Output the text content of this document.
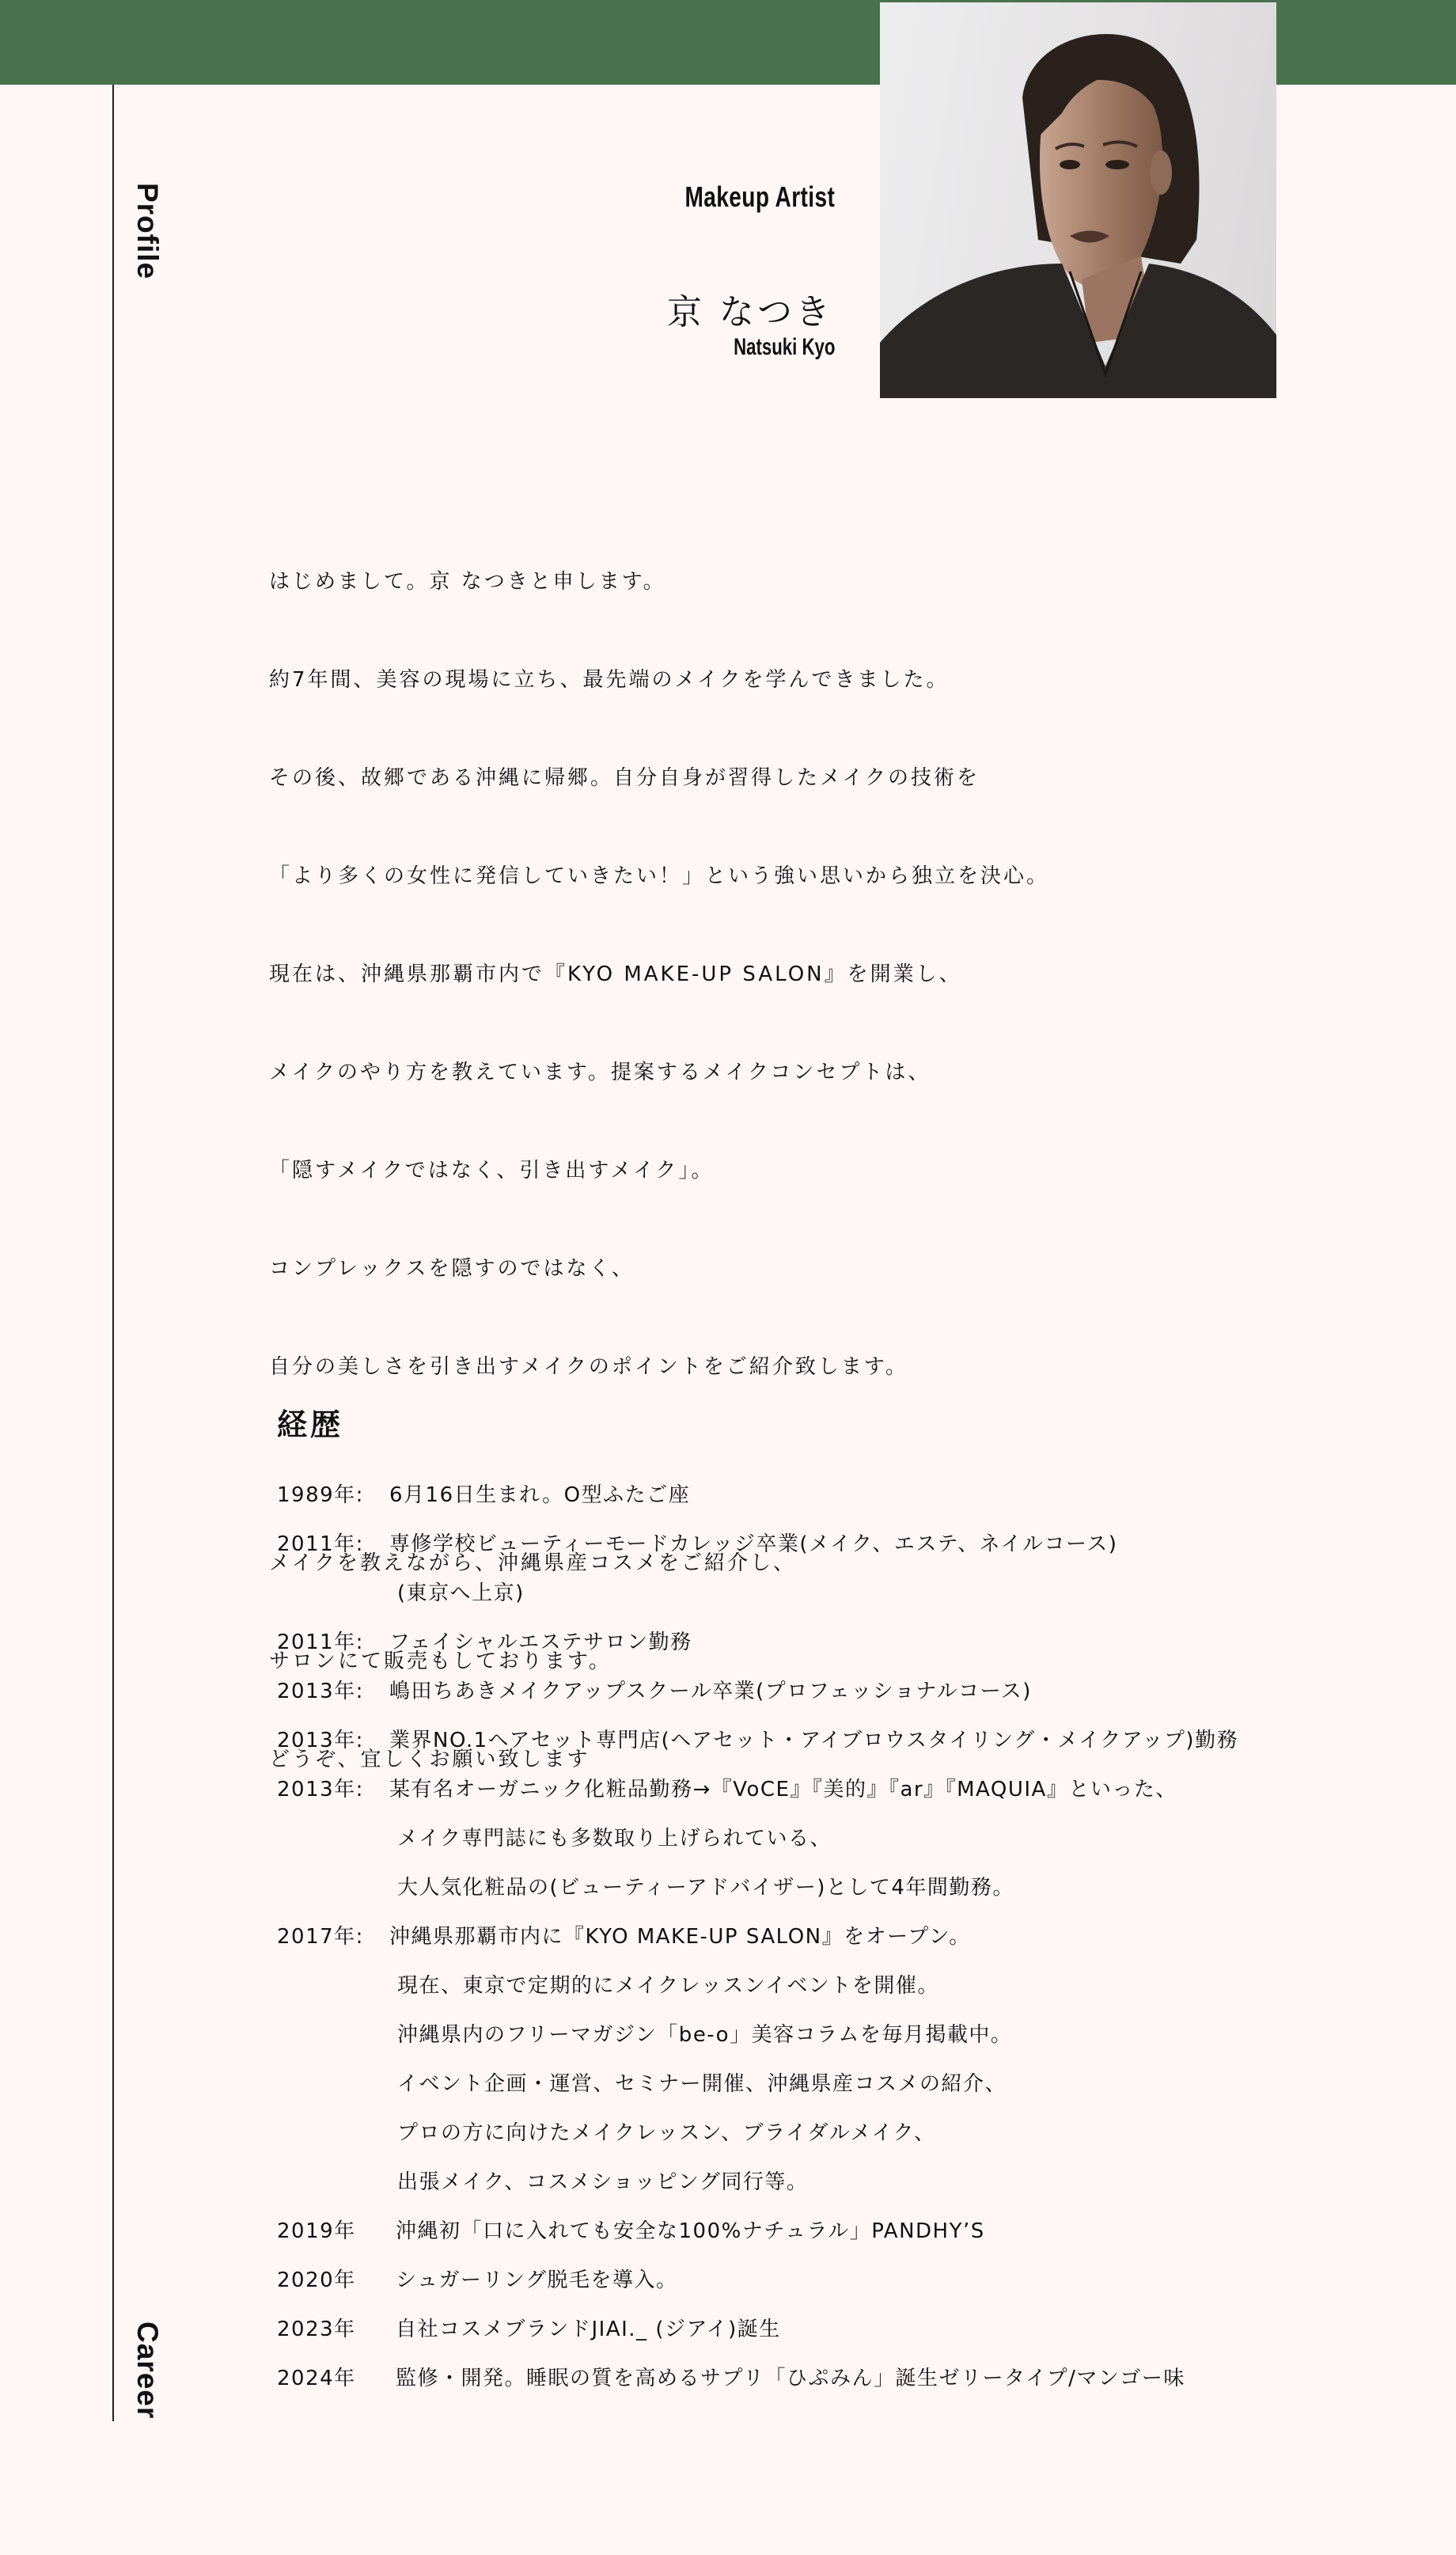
Profile
Career
Makeup Artist
京 なつき
Natsuki Kyo

はじめまして。京 なつきと申します。

約7年間、美容の現場に立ち、最先端のメイクを学んできました。

その後、故郷である沖縄に帰郷。自分自身が習得したメイクの技術を

「より多くの女性に発信していきたい！」という強い思いから独立を決心。

現在は、沖縄県那覇市内で『KYO MAKE-UP SALON』を開業し、

メイクのやり方を教えています。提案するメイクコンセプトは、

「隠すメイクではなく、引き出すメイク」。

コンプレックスを隠すのではなく、

自分の美しさを引き出すメイクのポイントをご紹介致します。

メイクを教えながら、沖縄県産コスメをご紹介し、

サロンにて販売もしております。

どうぞ、宜しくお願い致します

経歴
1989年:	6月16日生まれ。O型ふたご座
2011年:	専修学校ビューティーモードカレッジ卒業(メイク、エステ、ネイルコース)
(東京へ上京)
2011年:	フェイシャルエステサロン勤務
2013年:	嶋田ちあきメイクアップスクール卒業(プロフェッショナルコース)
2013年:	業界NO.1ヘアセット専門店(ヘアセット・アイブロウスタイリング・メイクアップ)勤務
2013年:	某有名オーガニック化粧品勤務→『VoCE』『美的』『ar』『MAQUIA』といった、
メイク専門誌にも多数取り上げられている、
大人気化粧品の(ビューティーアドバイザー)として4年間勤務。
2017年:	沖縄県那覇市内に『KYO MAKE-UP SALON』をオープン。
現在、東京で定期的にメイクレッスンイベントを開催。
沖縄県内のフリーマガジン「be-o」美容コラムを毎月掲載中。
イベント企画・運営、セミナー開催、沖縄県産コスメの紹介、
プロの方に向けたメイクレッスン、ブライダルメイク、
出張メイク、コスメショッピング同行等。
2019年	沖縄初「口に入れても安全な100%ナチュラル」PANDHY’S
2020年	シュガーリング脱毛を導入。
2023年	自社コスメブランドJIAI._ (ジアイ)誕生
2024年	監修・開発。睡眠の質を高めるサプリ「ひぷみん」誕生ゼリータイプ/マンゴー味
